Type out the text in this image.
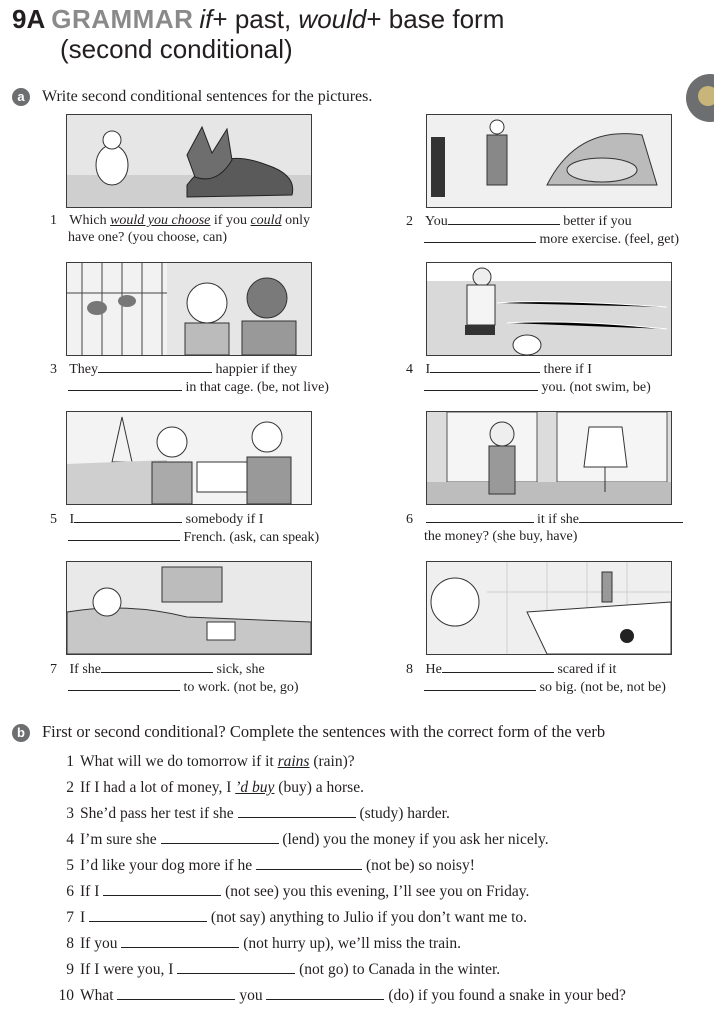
9A GRAMMAR if+ past, would+ base form
(second conditional)
a Write second conditional sentences for the pictures.
1 Which would you choose if you could only
have one? (you choose, can)
2 You	better if you
more exercise. (feel, get)
3 They	happier if they
in that cage. (be, not live)
4 I	there if I
you. (not swim, be)
5 I	somebody if I
French. (ask, can speak)
6	it if she
the money? (she buy, have)
7 If she	sick, she
to work. (not be, go)
8 He	scared if it
so big. (not be, not be)
b First or second conditional? Complete the sentences with the correct form of the verb
1 What will we do tomorrow if it rains (rain)?
2 If I had a lot of money, I ’d buy (buy) a horse.
3 She’d pass her test if she	(study) harder.
4 I’m sure she	(lend) you the money if you ask her nicely.
5 I’d like your dog more if he	(not be) so noisy!
6 If I	(not see) you this evening, I’ll see you on Friday.
7 I	(not say) anything to Julio if you don’t want me to.
8 If you	(not hurry up), we’ll miss the train.
9 If I were you, I	(not go) to Canada in the winter.
10 What	you	(do) if you found a snake in your bed?
